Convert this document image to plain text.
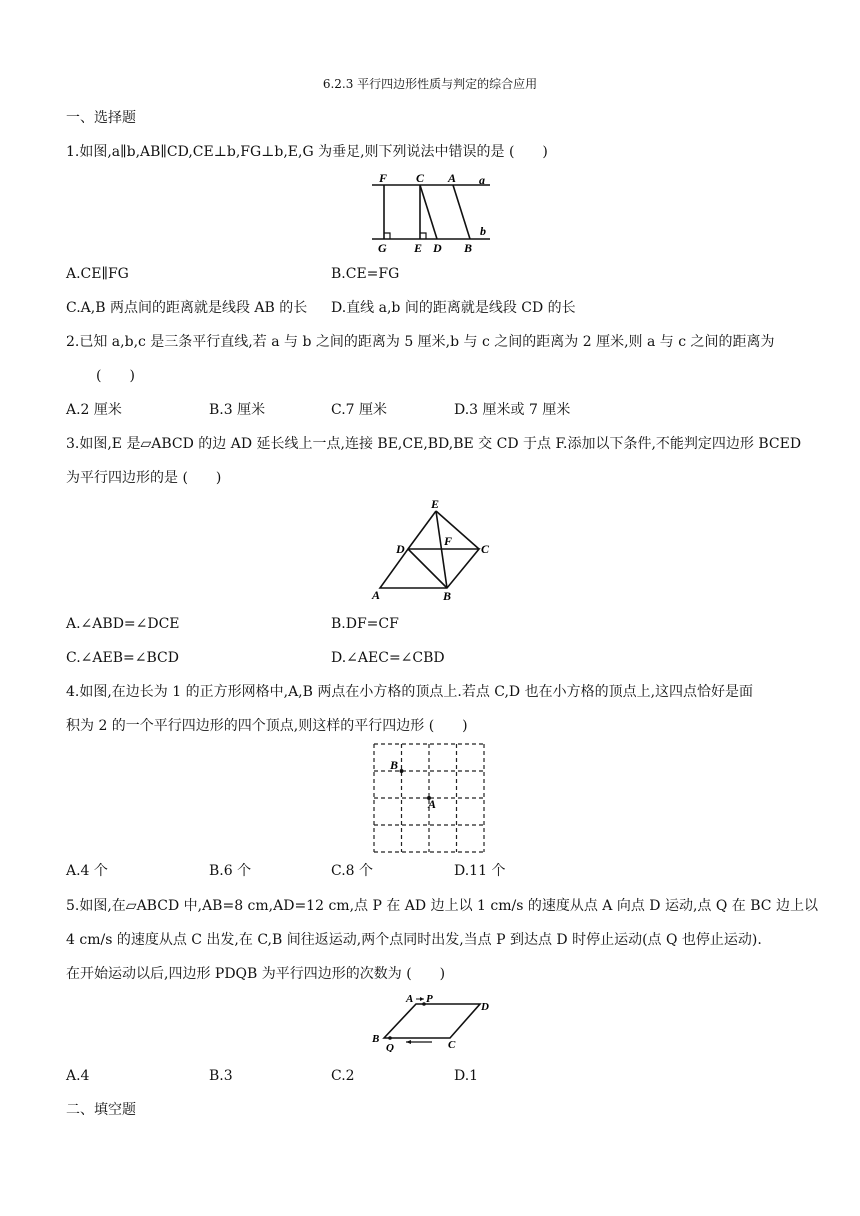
6.2.3 平行四边形性质与判定的综合应用
一、选择题
1.如图,a∥b,AB∥CD,CE⊥b,FG⊥b,E,G 为垂足,则下列说法中错误的是 (　　)
F C A a
b
G E D B
A.CE∥FG	B.CE=FG
C.A,B 两点间的距离就是线段 AB 的长 D.直线 a,b 间的距离就是线段 CD 的长
2.已知 a,b,c 是三条平行直线,若 a 与 b 之间的距离为 5 厘米,b 与 c 之间的距离为 2 厘米,则 a 与 c 之间的距离为
(　　)
A.2 厘米	B.3 厘米	C.7 厘米	D.3 厘米或 7 厘米
3.如图,E 是▱ABCD 的边 AD 延长线上一点,连接 BE,CE,BD,BE 交 CD 于点 F.添加以下条件,不能判定四边形 BCED
为平行四边形的是 (　　)
E
D
F
C
A	B
A.∠ABD=∠DCE	B.DF=CF
C.∠AEB=∠BCD	D.∠AEC=∠CBD
4.如图,在边长为 1 的正方形网格中,A,B 两点在小方格的顶点上.若点 C,D 也在小方格的顶点上,这四点恰好是面
积为 2 的一个平行四边形的四个顶点,则这样的平行四边形 (　　)
B
A
A.4 个	B.6 个	C.8 个	D.11 个
5.如图,在▱ABCD 中,AB=8 cm,AD=12 cm,点 P 在 AD 边上以 1 cm/s 的速度从点 A 向点 D 运动,点 Q 在 BC 边上以
4 cm/s 的速度从点 C 出发,在 C,B 间往返运动,两个点同时出发,当点 P 到达点 D 时停止运动(点 Q 也停止运动).
在开始运动以后,四边形 PDQB 为平行四边形的次数为 (　　)
A P
D
B
Q	C
A.4	B.3	C.2	D.1
二、填空题
